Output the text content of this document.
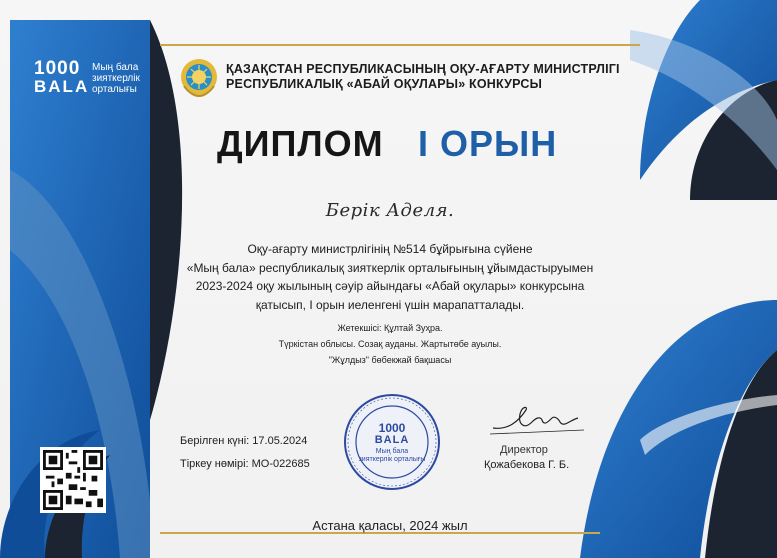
1000
BALA
Мың бала
зияткерлік
орталығы
ҚАЗАҚСТАН РЕСПУБЛИКАСЫНЫҢ ОҚУ-АҒАРТУ МИНИСТРЛІГІ
РЕСПУБЛИКАЛЫҚ «АБАЙ ОҚУЛАРЫ» КОНКУРСЫ
ДИПЛОМ I ОРЫН
Берік Аделя.
Оқу-ағарту министрлігінің №514 бұйрығына сүйене
«Мың бала» республикалық зияткерлік орталығының ұйымдастыруымен
2023-2024 оқу жылының сәуір айындағы «Абай оқулары» конкурсына
қатысып, I орын иеленгені үшін марапатталады.
Жетекшісі: Құлтай Зуҳра.
Түркістан облысы. Созақ ауданы. Жартытөбе ауылы.
"Жұлдыз" бөбекжай бақшасы
Берілген күні: 17.05.2024
Тіркеу нөмірі: МО-022685
1000
BALA
Мың бала
зияткерлік орталығы
Директор
Қожабекова Г. Б.
Астана қаласы, 2024 жыл
